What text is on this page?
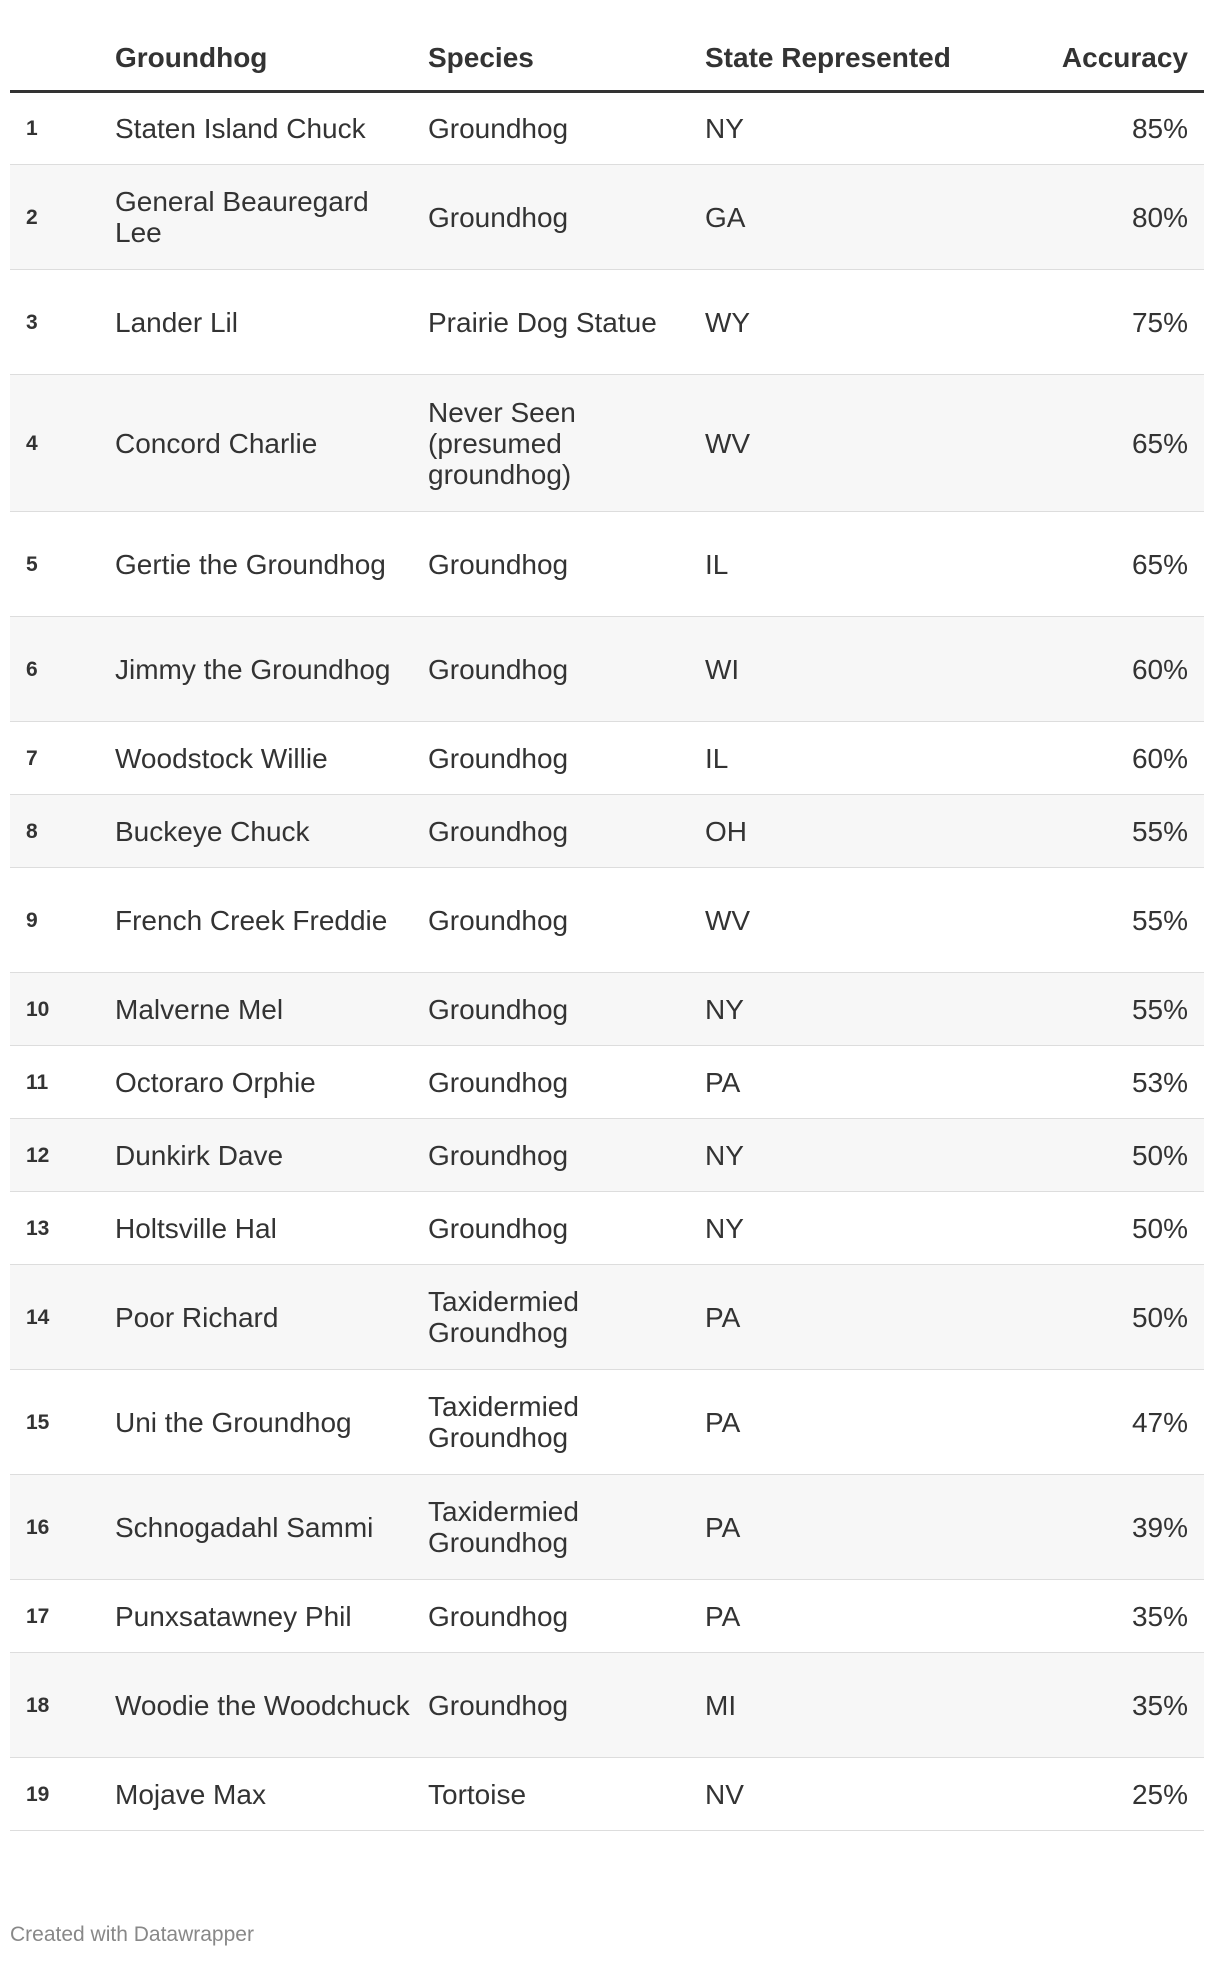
	Groundhog	Species	State Represented	Accuracy
1	Staten Island Chuck	Groundhog	NY	85%
2	General Beauregard Lee	Groundhog	GA	80%
3	Lander Lil	Prairie Dog Statue	WY	75%
4	Concord Charlie	Never Seen (presumed groundhog)	WV	65%
5	Gertie the Groundhog	Groundhog	IL	65%
6	Jimmy the Groundhog	Groundhog	WI	60%
7	Woodstock Willie	Groundhog	IL	60%
8	Buckeye Chuck	Groundhog	OH	55%
9	French Creek Freddie	Groundhog	WV	55%
10	Malverne Mel	Groundhog	NY	55%
11	Octoraro Orphie	Groundhog	PA	53%
12	Dunkirk Dave	Groundhog	NY	50%
13	Holtsville Hal	Groundhog	NY	50%
14	Poor Richard	Taxidermied Groundhog	PA	50%
15	Uni the Groundhog	Taxidermied Groundhog	PA	47%
16	Schnogadahl Sammi	Taxidermied Groundhog	PA	39%
17	Punxsatawney Phil	Groundhog	PA	35%
18	Woodie the Woodchuck	Groundhog	MI	35%
19	Mojave Max	Tortoise	NV	25%
Created with Datawrapper
